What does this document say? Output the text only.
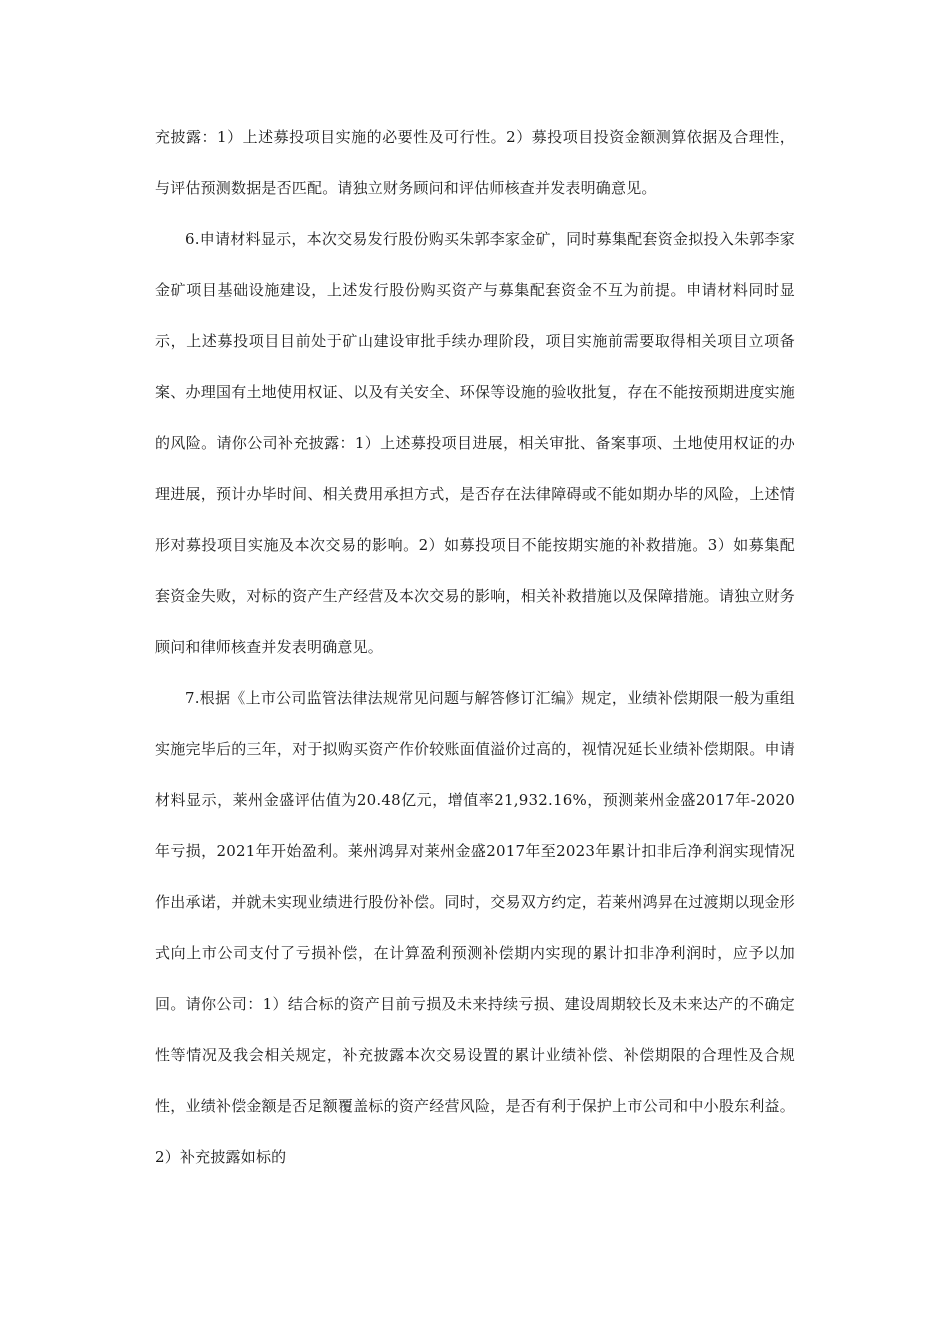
充披露：1）上述募投项目实施的必要性及可行性。2）募投项目投资金额测算依据及合理性，与评估预测数据是否匹配。请独立财务顾问和评估师核查并发表明确意见。

6.申请材料显示，本次交易发行股份购买朱郭李家金矿，同时募集配套资金拟投入朱郭李家金矿项目基础设施建设，上述发行股份购买资产与募集配套资金不互为前提。申请材料同时显示，上述募投项目目前处于矿山建设审批手续办理阶段，项目实施前需要取得相关项目立项备案、办理国有土地使用权证、以及有关安全、环保等设施的验收批复，存在不能按预期进度实施的风险。请你公司补充披露：1）上述募投项目进展，相关审批、备案事项、土地使用权证的办理进展，预计办毕时间、相关费用承担方式，是否存在法律障碍或不能如期办毕的风险，上述情形对募投项目实施及本次交易的影响。2）如募投项目不能按期实施的补救措施。3）如募集配套资金失败，对标的资产生产经营及本次交易的影响，相关补救措施以及保障措施。请独立财务顾问和律师核查并发表明确意见。

7.根据《上市公司监管法律法规常见问题与解答修订汇编》规定，业绩补偿期限一般为重组实施完毕后的三年，对于拟购买资产作价较账面值溢价过高的，视情况延长业绩补偿期限。申请材料显示，莱州金盛评估值为20.48亿元，增值率21,932.16%，预测莱州金盛2017年-2020年亏损，2021年开始盈利。莱州鸿昇对莱州金盛2017年至2023年累计扣非后净利润实现情况作出承诺，并就未实现业绩进行股份补偿。同时，交易双方约定，若莱州鸿昇在过渡期以现金形式向上市公司支付了亏损补偿，在计算盈利预测补偿期内实现的累计扣非净利润时，应予以加回。请你公司：1）结合标的资产目前亏损及未来持续亏损、建设周期较长及未来达产的不确定性等情况及我会相关规定，补充披露本次交易设置的累计业绩补偿、补偿期限的合理性及合规性，业绩补偿金额是否足额覆盖标的资产经营风险，是否有利于保护上市公司和中小股东利益。2）补充披露如标的
